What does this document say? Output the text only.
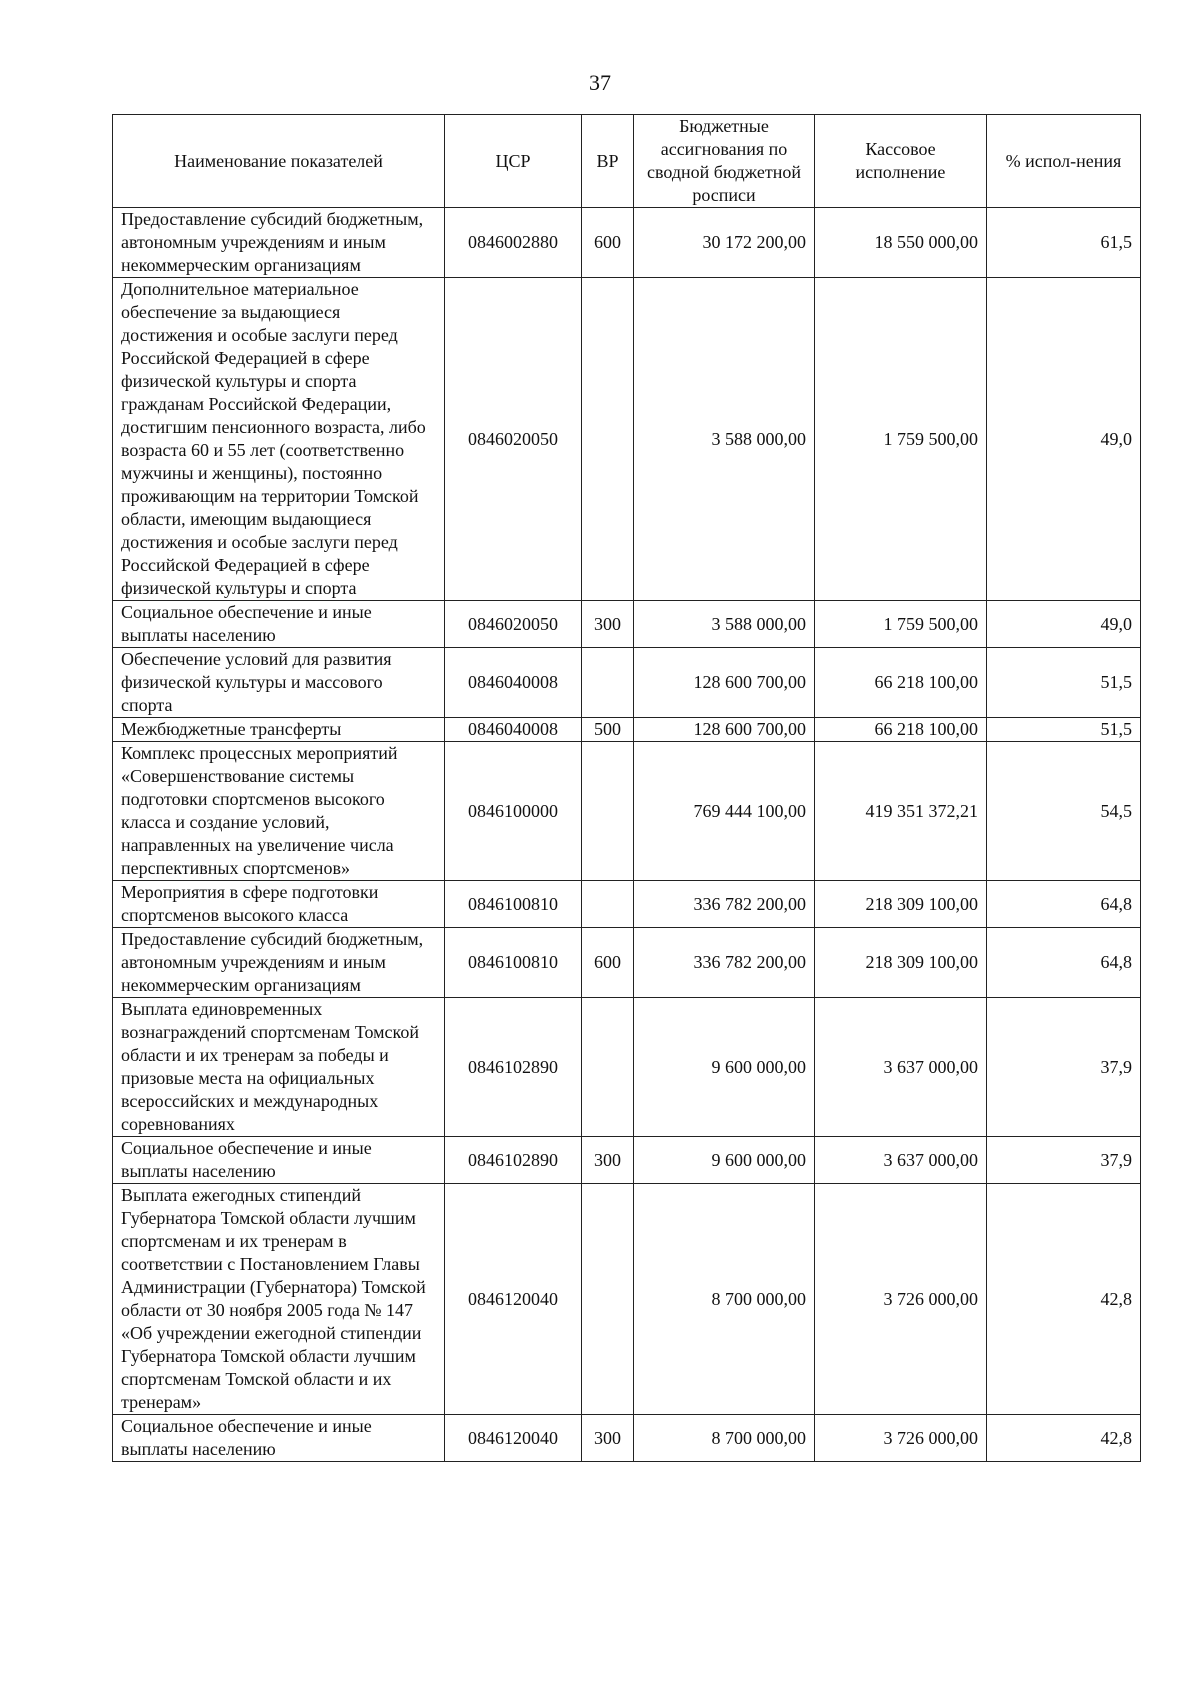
37
Наименование показателей	ЦСР	ВР	Бюджетные ассигнования по сводной бюджетной росписи	Кассовое исполнение	% испол-нения
Предоставление субсидий бюджетным, автономным учреждениям и иным некоммерческим организациям	0846002880	600	30 172 200,00	18 550 000,00	61,5
Дополнительное материальное обеспечение за выдающиеся достижения и особые заслуги перед Российской Федерацией в сфере физической культуры и спорта гражданам Российской Федерации, достигшим пенсионного возраста, либо возраста 60 и 55 лет (соответственно мужчины и женщины), постоянно проживающим на территории Томской области, имеющим выдающиеся достижения и особые заслуги перед Российской Федерацией в сфере физической культуры и спорта	0846020050		3 588 000,00	1 759 500,00	49,0
Социальное обеспечение и иные выплаты населению	0846020050	300	3 588 000,00	1 759 500,00	49,0
Обеспечение условий для развития физической культуры и массового спорта	0846040008		128 600 700,00	66 218 100,00	51,5
Межбюджетные трансферты	0846040008	500	128 600 700,00	66 218 100,00	51,5
Комплекс процессных мероприятий «Совершенствование системы подготовки спортсменов высокого класса и создание условий, направленных на увеличение числа перспективных спортсменов»	0846100000		769 444 100,00	419 351 372,21	54,5
Мероприятия в сфере подготовки спортсменов высокого класса	0846100810		336 782 200,00	218 309 100,00	64,8
Предоставление субсидий бюджетным, автономным учреждениям и иным некоммерческим организациям	0846100810	600	336 782 200,00	218 309 100,00	64,8
Выплата единовременных вознаграждений спортсменам Томской области и их тренерам за победы и призовые места на официальных всероссийских и международных соревнованиях	0846102890		9 600 000,00	3 637 000,00	37,9
Социальное обеспечение и иные выплаты населению	0846102890	300	9 600 000,00	3 637 000,00	37,9
Выплата ежегодных стипендий Губернатора Томской области лучшим спортсменам и их тренерам в соответствии с Постановлением Главы Администрации (Губернатора) Томской области от 30 ноября 2005 года № 147 «Об учреждении ежегодной стипендии Губернатора Томской области лучшим спортсменам Томской области и их тренерам»	0846120040		8 700 000,00	3 726 000,00	42,8
Социальное обеспечение и иные выплаты населению	0846120040	300	8 700 000,00	3 726 000,00	42,8
